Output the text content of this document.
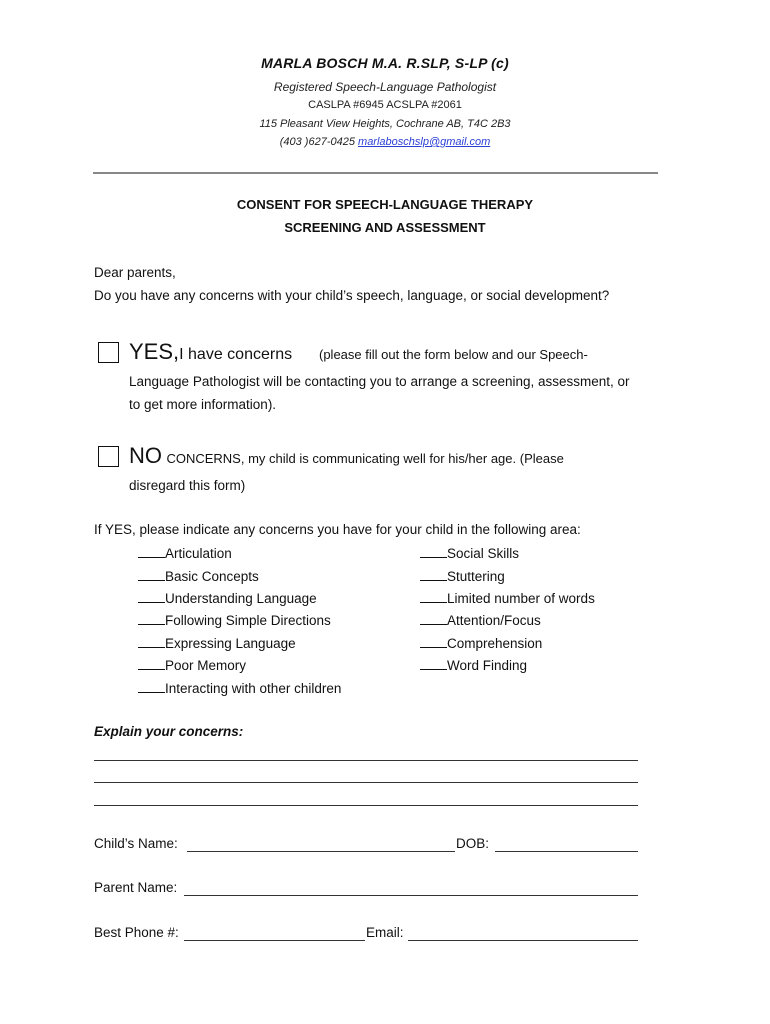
MARLA BOSCH M.A. R.SLP, S-LP (c)
Registered Speech-Language Pathologist
CASLPA #6945 ACSLPA #2061
115 Pleasant View Heights, Cochrane AB, T4C 2B3
(403 )627-0425 marlaboschslp@gmail.com
CONSENT FOR SPEECH-LANGUAGE THERAPY
SCREENING AND ASSESSMENT
Dear parents,
Do you have any concerns with your child’s speech, language, or social development?
YES,I have concerns (please fill out the form below and our Speech-
Language Pathologist will be contacting you to arrange a screening, assessment, or
to get more information).
NO CONCERNS, my child is communicating well for his/her age. (Please
disregard this form)
If YES, please indicate any concerns you have for your child in the following area:
Articulation
Basic Concepts
Understanding Language
Following Simple Directions
Expressing Language
Poor Memory
Interacting with other children
Social Skills
Stuttering
Limited number of words
Attention/Focus
Comprehension
Word Finding
Explain your concerns:
Child’s Name:	DOB:
Parent Name:
Best Phone #:	Email:
